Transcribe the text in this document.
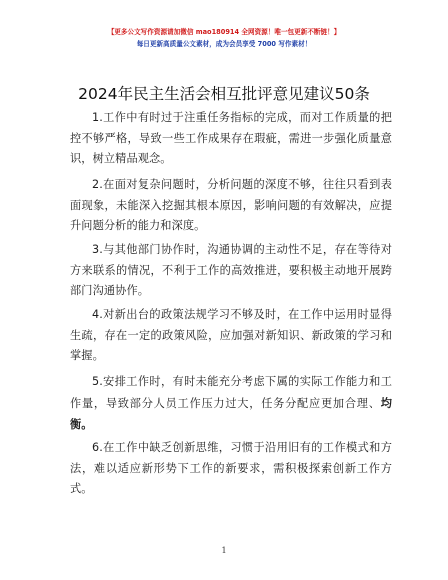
【更多公文写作资源请加微信 mao180914 全网资源！唯一包更新不断链！】
每日更新高质量公文素材，成为会员享受 7000 写作素材！
2024年民主生活会相互批评意见建议50条

1.工作中有时过于注重任务指标的完成，而对工作质量的把控不够严格，导致一些工作成果存在瑕疵，需进一步强化质量意识，树立精品观念。

2.在面对复杂问题时，分析问题的深度不够，往往只看到表面现象，未能深入挖掘其根本原因，影响问题的有效解决，应提升问题分析的能力和深度。

3.与其他部门协作时，沟通协调的主动性不足，存在等待对方来联系的情况，不利于工作的高效推进，要积极主动地开展跨部门沟通协作。

4.对新出台的政策法规学习不够及时，在工作中运用时显得生疏，存在一定的政策风险，应加强对新知识、新政策的学习和掌握。

5.安排工作时，有时未能充分考虑下属的实际工作能力和工作量，导致部分人员工作压力过大，任务分配应更加合理、均衡。

6.在工作中缺乏创新思维，习惯于沿用旧有的工作模式和方法，难以适应新形势下工作的新要求，需积极探索创新工作方式。

1
